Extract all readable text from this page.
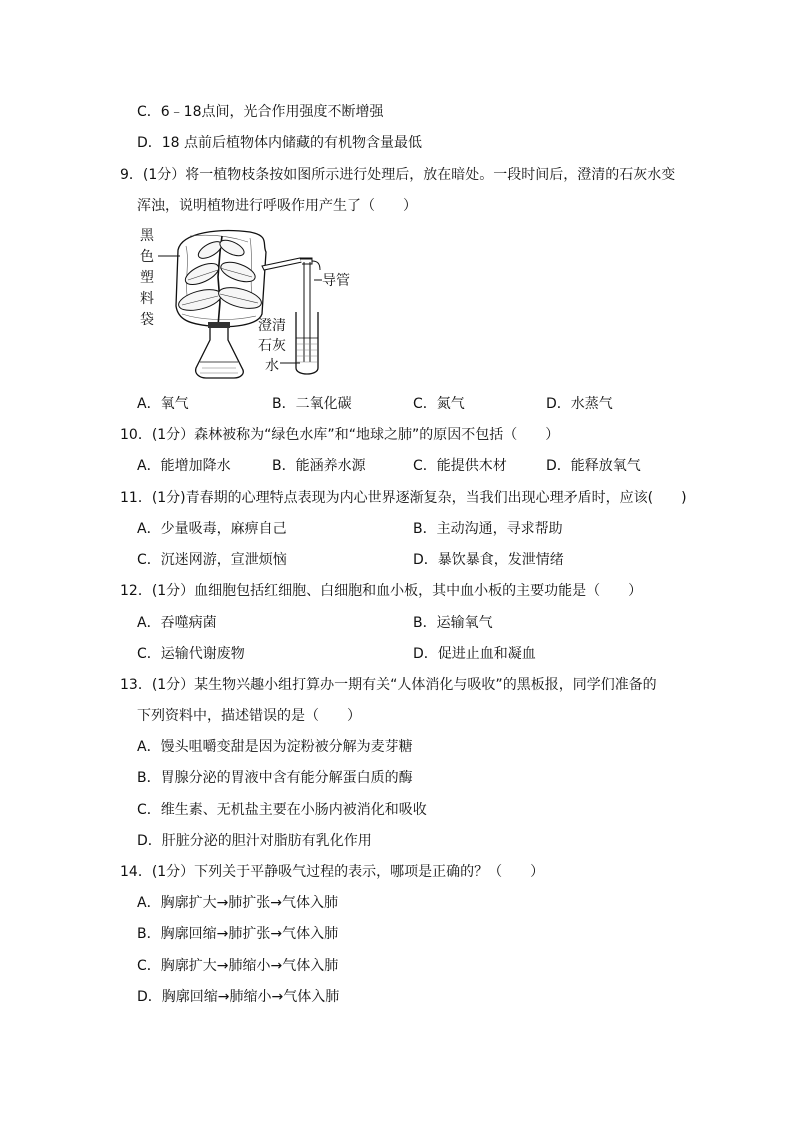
C．6﹣18点间，光合作用强度不断增强
D．18 点前后植物体内储藏的有机物含量最低
9．(1分）将一植物枝条按如图所示进行处理后，放在暗处。一段时间后，澄清的石灰水变
浑浊，说明植物进行呼吸作用产生了（　　）
黑
色
塑
料
袋
导管
澄清
石灰
水
A．氧气	B．二氧化碳	C．氮气	D．水蒸气
10．(1分）森林被称为“绿色水库”和“地球之肺”的原因不包括（　　）
A．能增加降水	B．能涵养水源	C．能提供木材	D．能释放氧气
11．(1分)青春期的心理特点表现为内心世界逐渐复杂，当我们出现心理矛盾时，应该(　　)
A．少量吸毒，麻痹自己	B．主动沟通，寻求帮助
C．沉迷网游，宣泄烦恼	D．暴饮暴食，发泄情绪
12．(1分）血细胞包括红细胞、白细胞和血小板，其中血小板的主要功能是（　　）
A．吞噬病菌	B．运输氧气
C．运输代谢废物	D．促进止血和凝血
13．(1分）某生物兴趣小组打算办一期有关“人体消化与吸收”的黑板报，同学们准备的
下列资料中，描述错误的是（　　）
A．馒头咀嚼变甜是因为淀粉被分解为麦芽糖
B．胃腺分泌的胃液中含有能分解蛋白质的酶
C．维生素、无机盐主要在小肠内被消化和吸收
D．肝脏分泌的胆汁对脂肪有乳化作用
14．(1分）下列关于平静吸气过程的表示，哪项是正确的？（　　）
A．胸廓扩大→肺扩张→气体入肺
B．胸廓回缩→肺扩张→气体入肺
C．胸廓扩大→肺缩小→气体入肺
D．胸廓回缩→肺缩小→气体入肺
